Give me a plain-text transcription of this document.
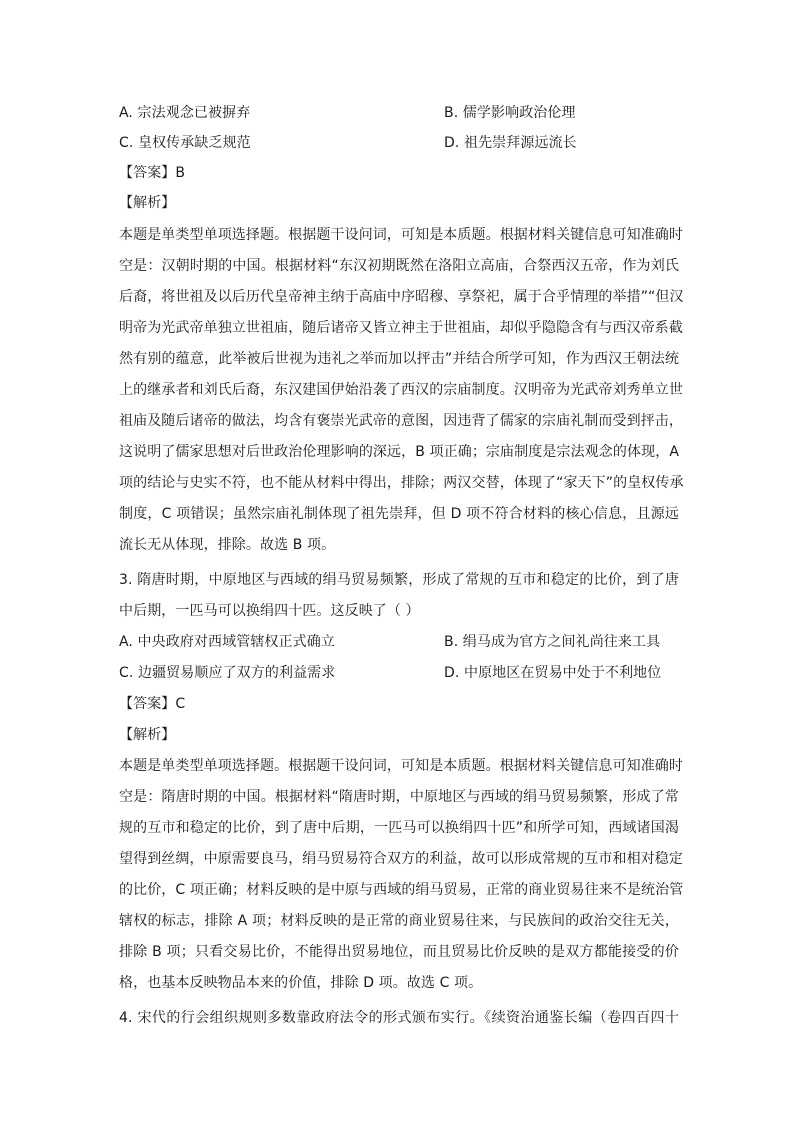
A. 宗法观念已被摒弃	B. 儒学影响政治伦理
C. 皇权传承缺乏规范	D. 祖先崇拜源远流长
【答案】B
【解析】
本题是单类型单项选择题。根据题干设问词，可知是本质题。根据材料关键信息可知准确时
空是：汉朝时期的中国。根据材料“东汉初期既然在洛阳立高庙，合祭西汉五帝，作为刘氏
后裔，将世祖及以后历代皇帝神主纳于高庙中序昭穆、享祭祀，属于合乎情理的举措”“但汉
明帝为光武帝单独立世祖庙，随后诸帝又皆立神主于世祖庙，却似乎隐隐含有与西汉帝系截
然有别的蕴意，此举被后世视为违礼之举而加以抨击”并结合所学可知，作为西汉王朝法统
上的继承者和刘氏后裔，东汉建国伊始沿袭了西汉的宗庙制度。汉明帝为光武帝刘秀单立世
祖庙及随后诸帝的做法，均含有褒崇光武帝的意图，因违背了儒家的宗庙礼制而受到抨击，
这说明了儒家思想对后世政治伦理影响的深远，B 项正确；宗庙制度是宗法观念的体现，A
项的结论与史实不符，也不能从材料中得出，排除；两汉交替，体现了“家天下”的皇权传承
制度，C 项错误；虽然宗庙礼制体现了祖先崇拜，但 D 项不符合材料的核心信息，且源远
流长无从体现，排除。故选 B 项。
3. 隋唐时期，中原地区与西域的绢马贸易频繁，形成了常规的互市和稳定的比价，到了唐
中后期，一匹马可以换绢四十匹。这反映了（ ）
A. 中央政府对西域管辖权正式确立	B. 绢马成为官方之间礼尚往来工具
C. 边疆贸易顺应了双方的利益需求	D. 中原地区在贸易中处于不利地位
【答案】C
【解析】
本题是单类型单项选择题。根据题干设问词，可知是本质题。根据材料关键信息可知准确时
空是：隋唐时期的中国。根据材料“隋唐时期，中原地区与西域的绢马贸易频繁，形成了常
规的互市和稳定的比价，到了唐中后期，一匹马可以换绢四十匹”和所学可知，西域诸国渴
望得到丝绸，中原需要良马，绢马贸易符合双方的利益，故可以形成常规的互市和相对稳定
的比价，C 项正确；材料反映的是中原与西域的绢马贸易，正常的商业贸易往来不是统治管
辖权的标志，排除 A 项；材料反映的是正常的商业贸易往来，与民族间的政治交往无关，
排除 B 项；只看交易比价，不能得出贸易地位，而且贸易比价反映的是双方都能接受的价
格，也基本反映物品本来的价值，排除 D 项。故选 C 项。
4. 宋代的行会组织规则多数靠政府法令的形式颁布实行。《续资治通鉴长编（卷四百四十
